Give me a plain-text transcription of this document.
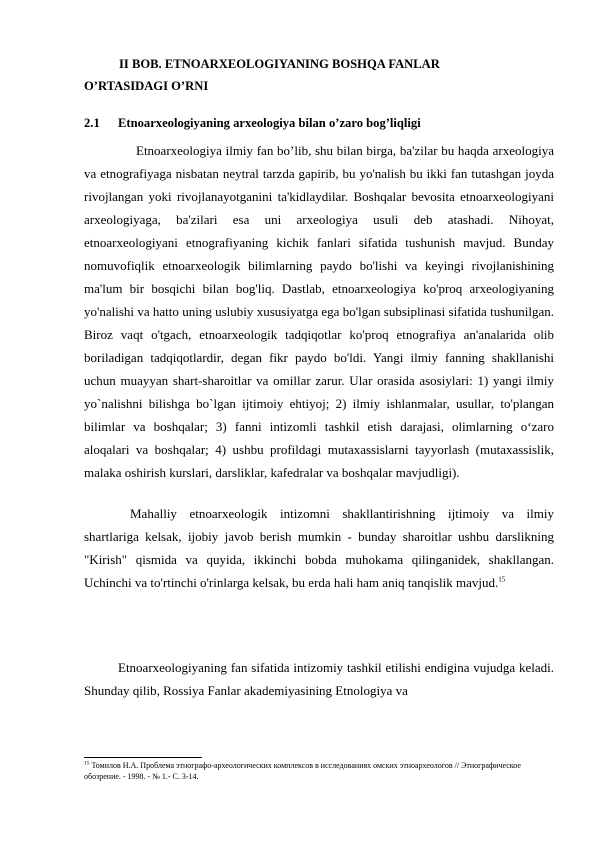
II BOB. ETNOARXEOLOGIYANING BOSHQA FANLAR
O’RTASIDAGI O’RNI
2.1 Etnoarxeologiyaning arxeologiya bilan o’zaro bog’liqligi

Etnoarxeologiya ilmiy fan bo’lib, shu bilan birga, ba'zilar bu haqda arxeologiya va etnografiyaga nisbatan neytral tarzda gapirib, bu yo'nalish bu ikki fan tutashgan joyda rivojlangan yoki rivojlanayotganini ta'kidlaydilar. Boshqalar bevosita etnoarxeologiyani arxeologiyaga, ba'zilari esa uni arxeologiya usuli deb atashadi. Nihoyat, etnoarxeologiyani etnografiyaning kichik fanlari sifatida tushunish mavjud. Bunday nomuvofiqlik etnoarxeologik bilimlarning paydo bo'lishi va keyingi rivojlanishining ma'lum bir bosqichi bilan bog'liq. Dastlab, etnoarxeologiya ko'proq arxeologiyaning yo'nalishi va hatto uning uslubiy xususiyatga ega bo'lgan subsiplinasi sifatida tushunilgan. Biroz vaqt o'tgach, etnoarxeologik tadqiqotlar ko'proq etnografiya an'analarida olib boriladigan tadqiqotlardir, degan fikr paydo bo'ldi. Yangi ilmiy fanning shakllanishi uchun muayyan shart-sharoitlar va omillar zarur. Ular orasida asosiylari: 1) yangi ilmiy yo`nalishni bilishga bo`lgan ijtimoiy ehtiyoj; 2) ilmiy ishlanmalar, usullar, to'plangan bilimlar va boshqalar; 3) fanni intizomli tashkil etish darajasi, olimlarning o‘zaro aloqalari va boshqalar; 4) ushbu profildagi mutaxassislarni tayyorlash (mutaxassislik, malaka oshirish kurslari, darsliklar, kafedralar va boshqalar mavjudligi).

Mahalliy etnoarxeologik intizomni shakllantirishning ijtimoiy va ilmiy shartlariga kelsak, ijobiy javob berish mumkin - bunday sharoitlar ushbu darslikning "Kirish" qismida va quyida, ikkinchi bobda muhokama qilinganidek, shakllangan. Uchinchi va to'rtinchi o'rinlarga kelsak, bu erda hali ham aniq tanqislik mavjud.$^{15}$

Etnoarxeologiyaning fan sifatida intizomiy tashkil etilishi endigina vujudga keladi. Shunday qilib, Rossiya Fanlar akademiyasining Etnologiya va

$^{15}$ Томилов Н.А. Проблема этнографо-археологических комплексов в исследованиях омских этноархеологов // Этнографическое обозрение. - 1998. - № 1.- С. 3-14.
